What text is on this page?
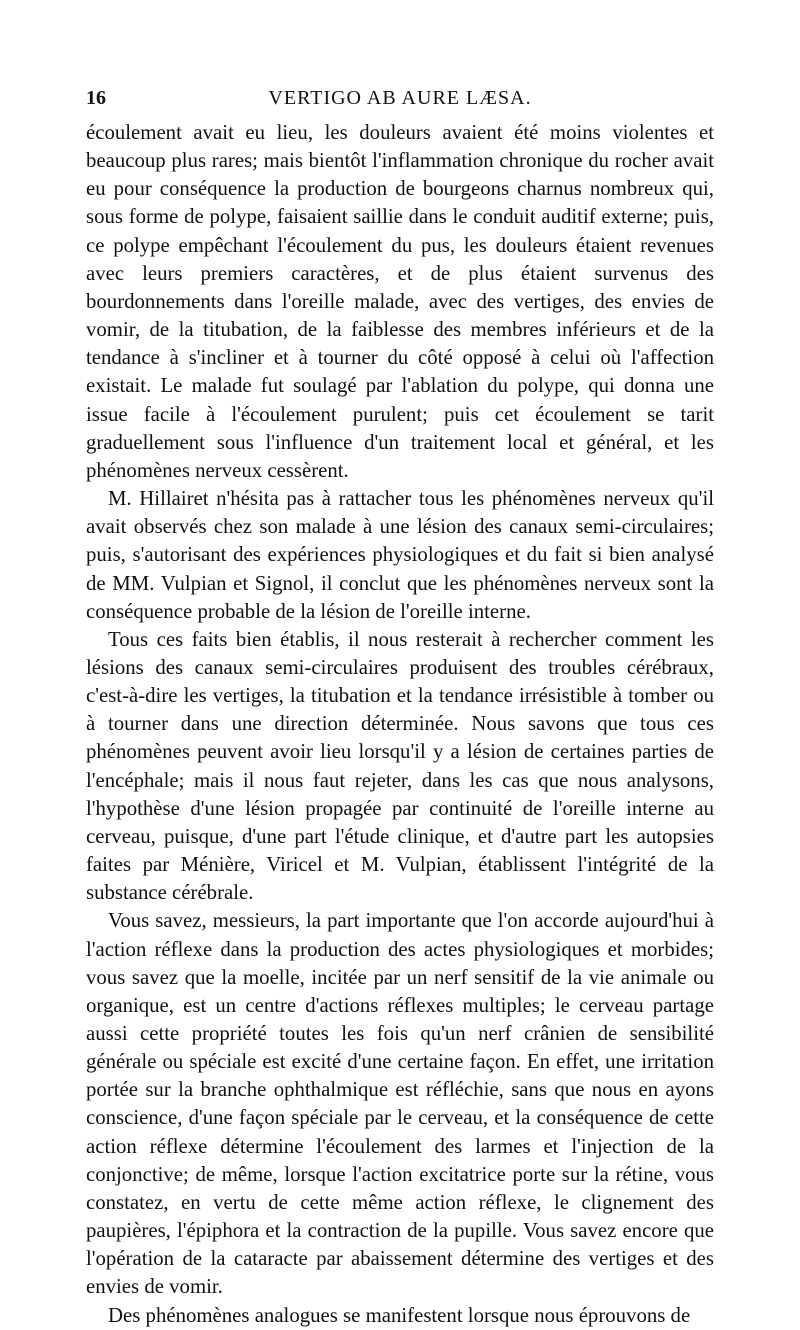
16	VERTIGO AB AURE LÆSA.

écoulement avait eu lieu, les douleurs avaient été moins violentes et beaucoup plus rares; mais bientôt l'inflammation chronique du rocher avait eu pour conséquence la production de bourgeons charnus nombreux qui, sous forme de polype, faisaient saillie dans le conduit auditif externe; puis, ce polype empêchant l'écoulement du pus, les douleurs étaient revenues avec leurs premiers caractères, et de plus étaient survenus des bourdonnements dans l'oreille malade, avec des vertiges, des envies de vomir, de la titubation, de la faiblesse des membres inférieurs et de la tendance à s'incliner et à tourner du côté opposé à celui où l'affection existait. Le malade fut soulagé par l'ablation du polype, qui donna une issue facile à l'écoulement purulent; puis cet écoulement se tarit graduellement sous l'influence d'un traitement local et général, et les phénomènes nerveux cessèrent.

M. Hillairet n'hésita pas à rattacher tous les phénomènes nerveux qu'il avait observés chez son malade à une lésion des canaux semi-circulaires; puis, s'autorisant des expériences physiologiques et du fait si bien analysé de MM. Vulpian et Signol, il conclut que les phénomènes nerveux sont la conséquence probable de la lésion de l'oreille interne.

Tous ces faits bien établis, il nous resterait à rechercher comment les lésions des canaux semi-circulaires produisent des troubles cérébraux, c'est-à-dire les vertiges, la titubation et la tendance irrésistible à tomber ou à tourner dans une direction déterminée. Nous savons que tous ces phénomènes peuvent avoir lieu lorsqu'il y a lésion de certaines parties de l'encéphale; mais il nous faut rejeter, dans les cas que nous analysons, l'hypothèse d'une lésion propagée par continuité de l'oreille interne au cerveau, puisque, d'une part l'étude clinique, et d'autre part les autopsies faites par Ménière, Viricel et M. Vulpian, établissent l'intégrité de la substance cérébrale.

Vous savez, messieurs, la part importante que l'on accorde aujourd'hui à l'action réflexe dans la production des actes physiologiques et morbides; vous savez que la moelle, incitée par un nerf sensitif de la vie animale ou organique, est un centre d'actions réflexes multiples; le cerveau partage aussi cette propriété toutes les fois qu'un nerf crânien de sensibilité générale ou spéciale est excité d'une certaine façon. En effet, une irritation portée sur la branche ophthalmique est réfléchie, sans que nous en ayons conscience, d'une façon spéciale par le cerveau, et la conséquence de cette action réflexe détermine l'écoulement des larmes et l'injection de la conjonctive; de même, lorsque l'action excitatrice porte sur la rétine, vous constatez, en vertu de cette même action réflexe, le clignement des paupières, l'épiphora et la contraction de la pupille. Vous savez encore que l'opération de la cataracte par abaissement détermine des vertiges et des envies de vomir.

Des phénomènes analogues se manifestent lorsque nous éprouvons de
